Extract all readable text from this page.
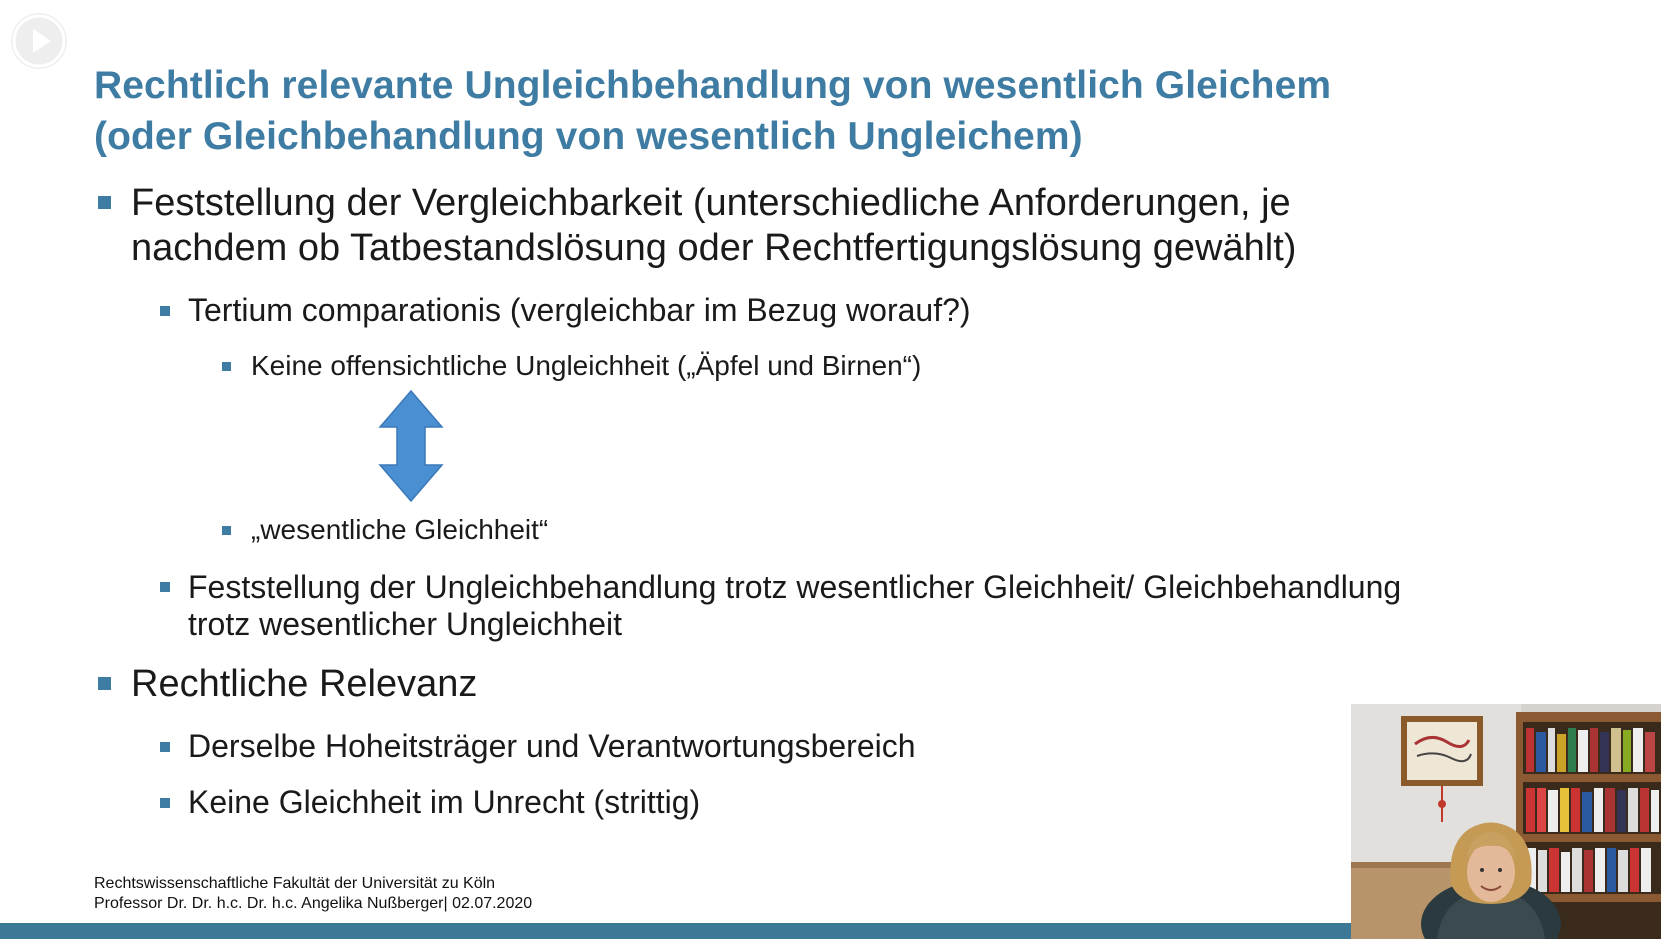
Rechtlich relevante Ungleichbehandlung von wesentlich Gleichem
(oder Gleichbehandlung von wesentlich Ungleichem)
Feststellung der Vergleichbarkeit (unterschiedliche Anforderungen, je
nachdem ob Tatbestandslösung oder Rechtfertigungslösung gewählt)
Tertium comparationis (vergleichbar im Bezug worauf?)
Keine offensichtliche Ungleichheit („Äpfel und Birnen“)
„wesentliche Gleichheit“
Feststellung der Ungleichbehandlung trotz wesentlicher Gleichheit/ Gleichbehandlung
trotz wesentlicher Ungleichheit
Rechtliche Relevanz
Derselbe Hoheitsträger und Verantwortungsbereich
Keine Gleichheit im Unrecht (strittig)
Rechtswissenschaftliche Fakultät der Universität zu Köln
Professor Dr. Dr. h.c. Dr. h.c. Angelika Nußberger| 02.07.2020
